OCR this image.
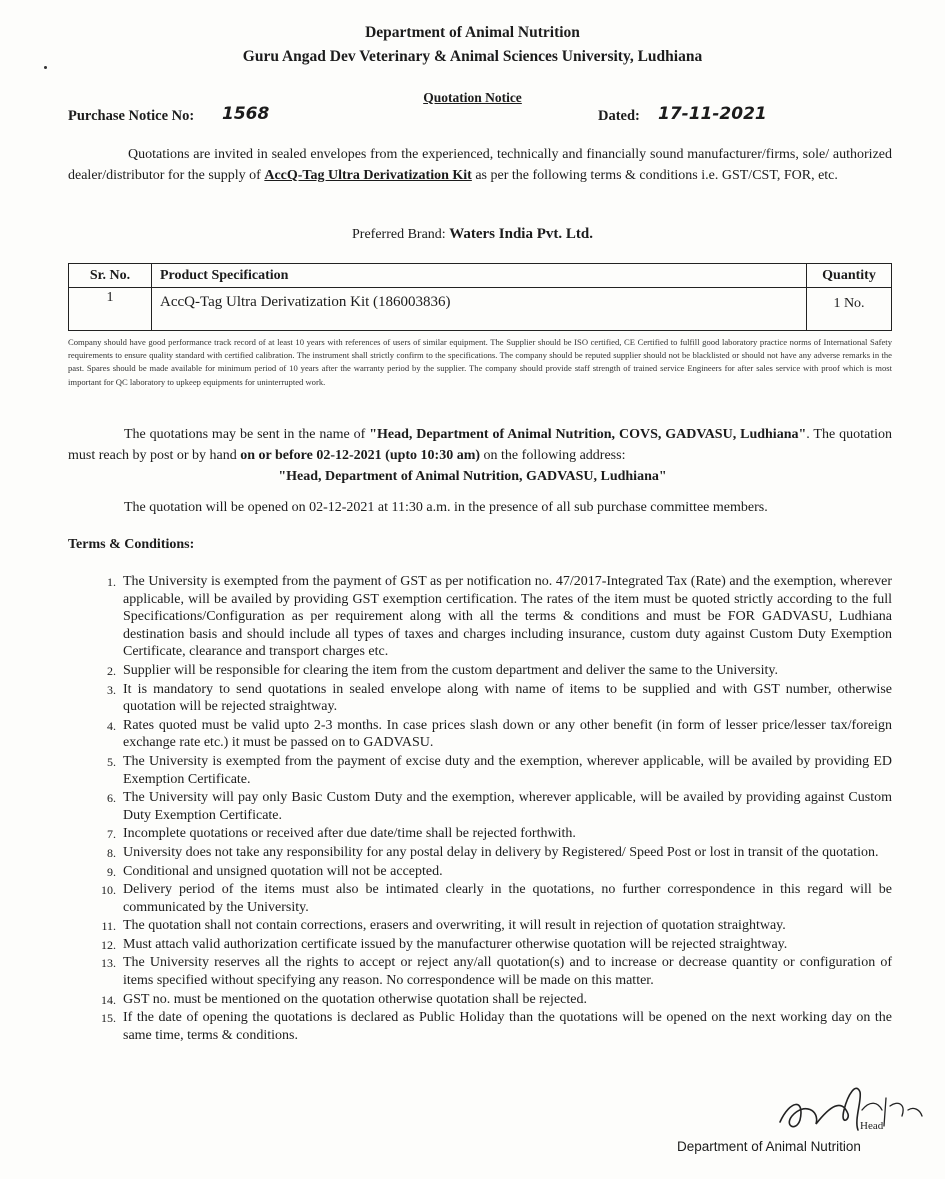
Department of Animal Nutrition
Guru Angad Dev Veterinary & Animal Sciences University, Ludhiana
Quotation Notice
Purchase Notice No: 1568	Dated: 17-11-2021
Quotations are invited in sealed envelopes from the experienced, technically and financially sound manufacturer/firms, sole/ authorized dealer/distributor for the supply of AccQ-Tag Ultra Derivatization Kit as per the following terms & conditions i.e. GST/CST, FOR, etc.
Preferred Brand: Waters India Pvt. Ltd.
Sr. No.	Product Specification	Quantity
1	AccQ-Tag Ultra Derivatization Kit (186003836)	1 No.
Company should have good performance track record of at least 10 years with references of users of similar equipment. The Supplier should be ISO certified, CE Certified to fulfill good laboratory practice norms of International Safety requirements to ensure quality standard with certified calibration. The instrument shall strictly confirm to the specifications. The company should be reputed supplier should not be blacklisted or should not have any adverse remarks in the past. Spares should be made available for minimum period of 10 years after the warranty period by the supplier. The company should provide staff strength of trained service Engineers for after sales service with proof which is most important for QC laboratory to upkeep equipments for uninterrupted work.
The quotations may be sent in the name of "Head, Department of Animal Nutrition, COVS, GADVASU, Ludhiana". The quotation must reach by post or by hand on or before 02-12-2021 (upto 10:30 am) on the following address:
"Head, Department of Animal Nutrition, GADVASU, Ludhiana"
The quotation will be opened on 02-12-2021 at 11:30 a.m. in the presence of all sub purchase committee members.
Terms & Conditions:
1. The University is exempted from the payment of GST as per notification no. 47/2017-Integrated Tax (Rate) and the exemption, wherever applicable, will be availed by providing GST exemption certification. The rates of the item must be quoted strictly according to the full Specifications/Configuration as per requirement along with all the terms & conditions and must be FOR GADVASU, Ludhiana destination basis and should include all types of taxes and charges including insurance, custom duty against Custom Duty Exemption Certificate, clearance and transport charges etc.
2. Supplier will be responsible for clearing the item from the custom department and deliver the same to the University.
3. It is mandatory to send quotations in sealed envelope along with name of items to be supplied and with GST number, otherwise quotation will be rejected straightway.
4. Rates quoted must be valid upto 2-3 months. In case prices slash down or any other benefit (in form of lesser price/lesser tax/foreign exchange rate etc.) it must be passed on to GADVASU.
5. The University is exempted from the payment of excise duty and the exemption, wherever applicable, will be availed by providing ED Exemption Certificate.
6. The University will pay only Basic Custom Duty and the exemption, wherever applicable, will be availed by providing against Custom Duty Exemption Certificate.
7. Incomplete quotations or received after due date/time shall be rejected forthwith.
8. University does not take any responsibility for any postal delay in delivery by Registered/ Speed Post or lost in transit of the quotation.
9. Conditional and unsigned quotation will not be accepted.
10. Delivery period of the items must also be intimated clearly in the quotations, no further correspondence in this regard will be communicated by the University.
11. The quotation shall not contain corrections, erasers and overwriting, it will result in rejection of quotation straightway.
12. Must attach valid authorization certificate issued by the manufacturer otherwise quotation will be rejected straightway.
13. The University reserves all the rights to accept or reject any/all quotation(s) and to increase or decrease quantity or configuration of items specified without specifying any reason. No correspondence will be made on this matter.
14. GST no. must be mentioned on the quotation otherwise quotation shall be rejected.
15. If the date of opening the quotations is declared as Public Holiday than the quotations will be opened on the next working day on the same time, terms & conditions.
Head
Department of Animal Nutrition
